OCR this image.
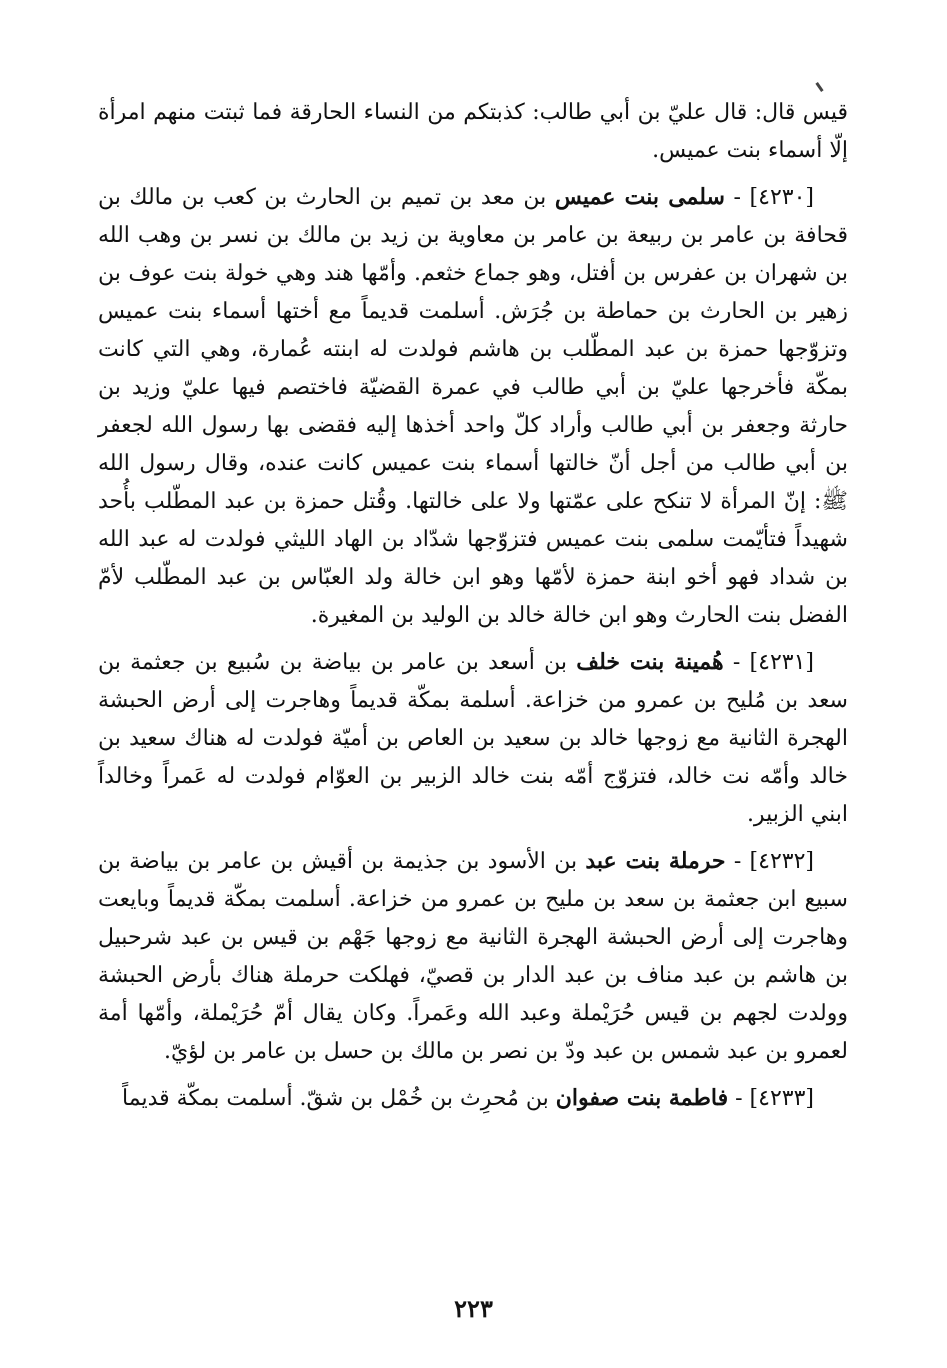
قيس قال: قال عليّ بن أبي طالب: كذبتكم من النساء الحارقة فما ثبتت منهم امرأة إلّا أسماء بنت عميس.

[٤٢٣٠] - سلمى بنت عميس بن معد بن تميم بن الحارث بن كعب بن مالك بن قحافة بن عامر بن ربيعة بن عامر بن معاوية بن زيد بن مالك بن نسر بن وهب الله بن شهران بن عفرس بن أفتل، وهو جماع خثعم. وأمّها هند وهي خولة بنت عوف بن زهير بن الحارث بن حماطة بن جُرَش. أسلمت قديماً مع أختها أسماء بنت عميس وتزوّجها حمزة بن عبد المطّلب بن هاشم فولدت له ابنته عُمارة، وهي التي كانت بمكّة فأخرجها عليّ بن أبي طالب في عمرة القضيّة فاختصم فيها عليّ وزيد بن حارثة وجعفر بن أبي طالب وأراد كلّ واحد أخذها إليه فقضى بها رسول الله لجعفر بن أبي طالب من أجل أنّ خالتها أسماء بنت عميس كانت عنده، وقال رسول الله ﷺ: إنّ المرأة لا تنكح على عمّتها ولا على خالتها. وقُتل حمزة بن عبد المطّلب بأُحد شهيداً فتأيّمت سلمى بنت عميس فتزوّجها شدّاد بن الهاد الليثي فولدت له عبد الله بن شداد فهو أخو ابنة حمزة لأمّها وهو ابن خالة ولد العبّاس بن عبد المطّلب لأمّ الفضل بنت الحارث وهو ابن خالة خالد بن الوليد بن المغيرة.

[٤٢٣١] - هُمينة بنت خلف بن أسعد بن عامر بن بياضة بن سُبيع بن جعثمة بن سعد بن مُليح بن عمرو من خزاعة. أسلمة بمكّة قديماً وهاجرت إلى أرض الحبشة الهجرة الثانية مع زوجها خالد بن سعيد بن العاص بن أميّة فولدت له هناك سعيد بن خالد وأمّه نت خالد، فتزوّج أمّه بنت خالد الزبير بن العوّام فولدت له عَمراً وخالداً ابني الزبير.

[٤٢٣٢] - حرملة بنت عبد بن الأسود بن جذيمة بن أقيش بن عامر بن بياضة بن سبيع ابن جعثمة بن سعد بن مليح بن عمرو من خزاعة. أسلمت بمكّة قديماً وبايعت وهاجرت إلى أرض الحبشة الهجرة الثانية مع زوجها جَهْم بن قيس بن عبد شرحبيل بن هاشم بن عبد مناف بن عبد الدار بن قصيّ، فهلكت حرملة هناك بأرض الحبشة وولدت لجهم بن قيس حُرَيْملة وعبد الله وعَمراً. وكان يقال أمّ حُرَيْملة، وأمّها أمة لعمرو بن عبد شمس بن عبد ودّ بن نصر بن مالك بن حسل بن عامر بن لؤيّ.

[٤٢٣٣] - فاطمة بنت صفوان بن مُحرِث بن خُمْل بن شقّ. أسلمت بمكّة قديماً

٢٢٣
